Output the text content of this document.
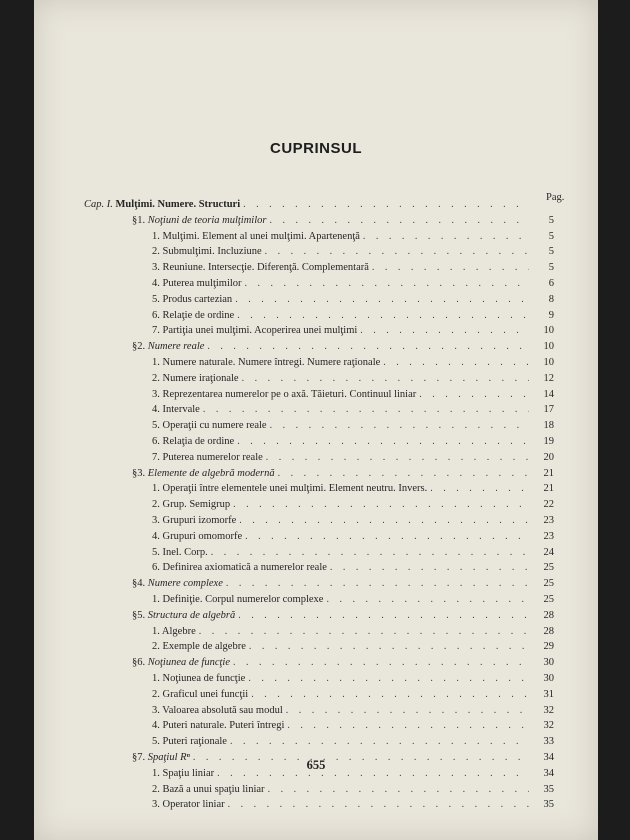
CUPRINSUL
Pag.
Cap. I. Mulţimi. Numere. Structuri
. . .
§1. Noţiuni de teoria mulţimilor . . .	5
1. Mulţimi. Element al unei mulţimi. Apartenenţă . . .	5
2. Submulţimi. Incluziune . . .	5
3. Reuniune. Intersecţie. Diferenţă. Complementară . . .	5
4. Puterea mulţimilor . . .	6
5. Produs cartezian . . .	8
6. Relaţie de ordine . . .	9
7. Partiţia unei mulţimi. Acoperirea unei mulţimi . . .	10
§2. Numere reale . . .	10
1. Numere naturale. Numere întregi. Numere raţionale . . .	10
2. Numere iraţionale . . .	12
3. Reprezentarea numerelor pe o axă. Tăieturi. Continuul liniar . . .	14
4. Intervale . . .	17
5. Operaţii cu numere reale . . .	18
6. Relaţia de ordine . . .	19
7. Puterea numerelor reale . . .	20
§3. Elemente de algebră modernă . . .	21
1. Operaţii între elementele unei mulţimi. Element neutru. Invers. . . .	21
2. Grup. Semigrup . . .	22
3. Grupuri izomorfe . . .	23
4. Grupuri omomorfe . . .	23
5. Inel. Corp. . . .	24
6. Definirea axiomatică a numerelor reale . . .	25
§4. Numere complexe . . .	25
1. Definiţie. Corpul numerelor complexe . . .	25
§5. Structura de algebră . . .	28
1. Algebre . . .	28
2. Exemple de algebre . . .	29
§6. Noţiunea de funcţie . . .	30
1. Noţiunea de funcţie . . .	30
2. Graficul unei funcţii . . .	31
3. Valoarea absolută sau modul . . .	32
4. Puteri naturale. Puteri întregi . . .	32
5. Puteri raţionale . . .	33
§7. Spaţiul Rⁿ . . .	34
1. Spaţiu liniar . . .	34
2. Bază a unui spaţiu liniar . . .	35
3. Operator liniar . . .	35
655
